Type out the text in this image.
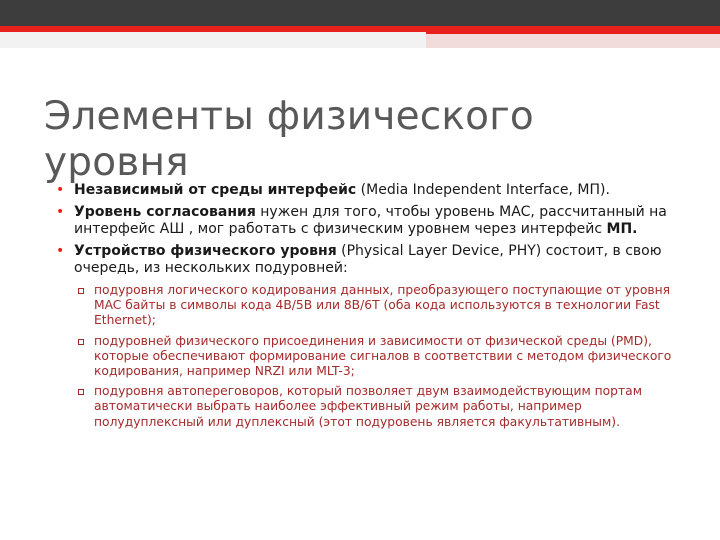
Элементы физического уровня
• Независимый от среды интерфейс (Media Independent Interface, МП).
• Уровень согласования нужен для того, чтобы уровень MAC, рассчитанный на интерфейс АШ , мог работать с физическим уровнем через интерфейс МП.
• Устройство физического уровня (Physical Layer Device, PHY) состоит, в свою очередь, из нескольких подуровней:
подуровня логического кодирования данных, преобразующего поступающие от уровня MAC байты в символы кода 4В/5В или 8В/6Т (оба кода используются в технологии Fast Ethernet);
подуровней физического присоединения и зависимости от физической среды (PMD), которые обеспечивают формирование сигналов в соответствии с методом физического кодирования, например NRZI или MLT-3;
подуровня автопереговоров, который позволяет двум взаимодействующим портам автоматически выбрать наиболее эффективный режим работы, например полудуплексный или дуплексный (этот подуровень является факультативным).
